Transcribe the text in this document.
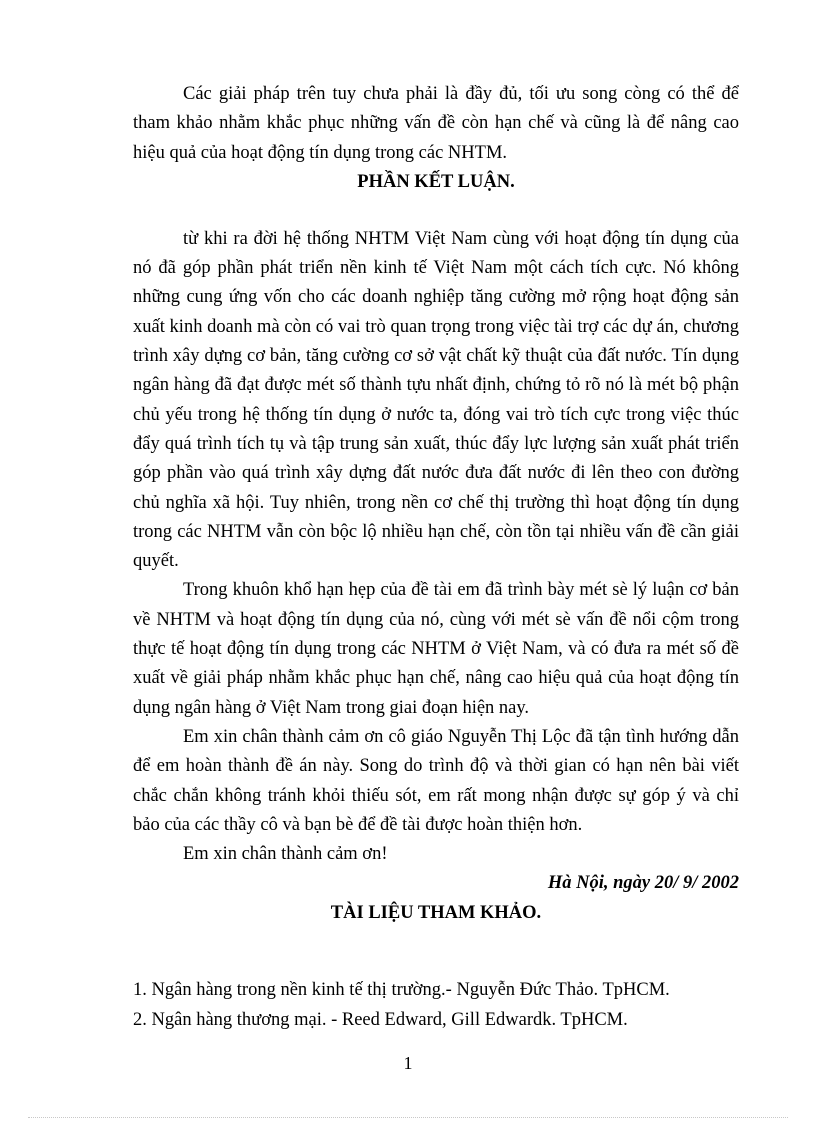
Các giải pháp trên tuy chưa phải là đầy đủ, tối ưu song còng có thể để tham khảo nhằm khắc phục những vấn đề còn hạn chế và cũng là để nâng cao hiệu quả của hoạt động tín dụng trong các NHTM.

PHẦN KẾT LUẬN.

từ khi ra đời hệ thống NHTM Việt Nam cùng với hoạt động tín dụng của nó đã góp phần phát triển nền kinh tế Việt Nam một cách tích cực. Nó không những cung ứng vốn cho các doanh nghiệp tăng cường mở rộng hoạt động sản xuất kinh doanh mà còn có vai trò quan trọng trong việc tài trợ các dự án, chương trình xây dựng cơ bản, tăng cường cơ sở vật chất kỹ thuật của đất nước. Tín dụng ngân hàng đã đạt được mét số thành tựu nhất định, chứng tỏ rõ nó là mét bộ phận chủ yếu trong hệ thống tín dụng ở nước ta, đóng vai trò tích cực trong việc thúc đẩy quá trình tích tụ và tập trung sản xuất, thúc đẩy lực lượng sản xuất phát triển góp phần vào quá trình xây dựng đất nước đưa đất nước đi lên theo con đường chủ nghĩa xã hội. Tuy nhiên, trong nền cơ chế thị trường thì hoạt động tín dụng trong các NHTM vẫn còn bộc lộ nhiều hạn chế, còn tồn tại nhiều vấn đề cần giải quyết.

Trong khuôn khổ hạn hẹp của đề tài em đã trình bày mét sè lý luận cơ bản về NHTM và hoạt động tín dụng của nó, cùng với mét sè vấn đề nổi cộm trong thực tế hoạt động tín dụng trong các NHTM ở Việt Nam, và có đưa ra mét số đề xuất về giải pháp nhằm khắc phục hạn chế, nâng cao hiệu quả của hoạt động tín dụng ngân hàng ở Việt Nam trong giai đoạn hiện nay.

Em xin chân thành cảm ơn cô giáo Nguyễn Thị Lộc đã tận tình hướng dẫn để em hoàn thành đề án này. Song do trình độ và thời gian có hạn nên bài viết chắc chắn không tránh khỏi thiếu sót, em rất mong nhận được sự góp ý và chỉ bảo của các thầy cô và bạn bè để đề tài được hoàn thiện hơn.

Em xin chân thành cảm ơn!

Hà Nội, ngày 20/ 9/ 2002

TÀI LIỆU THAM KHẢO.
1. Ngân hàng trong nền kinh tế thị trường.- Nguyễn Đức Thảo. TpHCM.
2. Ngân hàng thương mại. - Reed Edward, Gill Edwardk. TpHCM.
1
